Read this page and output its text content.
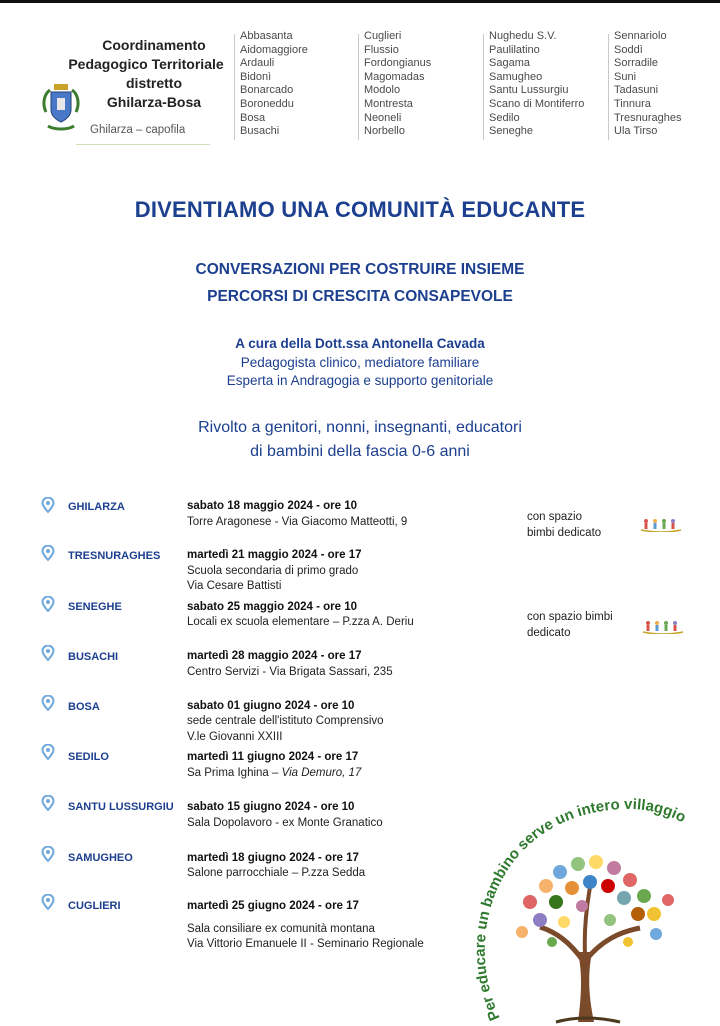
Coordinamento
Pedagogico Territoriale
distretto
Ghilarza-Bosa
Ghilarza – capofila
Abbasanta
Aidomaggiore
Ardauli
Bidonì
Bonarcado
Boroneddu
Bosa
Busachi
Cuglieri
Flussio
Fordongianus
Magomadas
Modolo
Montresta
Neoneli
Norbello
Nughedu S.V.
Paulilatino
Sagama
Samugheo
Santu Lussurgiu
Scano di Montiferro
Sedilo
Seneghe
Sennariolo
Soddì
Sorradile
Suni
Tadasuni
Tinnura
Tresnuraghes
Ula Tirso
DIVENTIAMO UNA COMUNITÀ EDUCANTE
CONVERSAZIONI PER COSTRUIRE INSIEME
PERCORSI DI CRESCITA CONSAPEVOLE
A cura della Dott.ssa Antonella Cavada
Pedagogista clinico, mediatore familiare
Esperta in Andragogia e supporto genitoriale
Rivolto a genitori, nonni, insegnanti, educatori
di bambini della fascia 0-6 anni
GHILARZA	sabato 18 maggio 2024 - ore 10
Torre Aragonese - Via Giacomo Matteotti, 9	con spazio
bimbi dedicato
TRESNURAGHES martedì 21 maggio 2024 - ore 17
Scuola secondaria di primo grado
Via Cesare Battisti
SENEGHE	sabato 25 maggio 2024 - ore 10
Locali ex scuola elementare – P.zza A. Deriu	con spazio bimbi
dedicato
BUSACHI	martedì 28 maggio 2024 - ore 17
Centro Servizi - Via Brigata Sassari, 235
BOSA	sabato 01 giugno 2024 - ore 10
sede centrale dell'istituto Comprensivo
V.le Giovanni XXIII
SEDILO	martedì 11 giugno 2024 - ore 17
Sa Prima Ighina – Via Demuro, 17
SANTU LUSSURGIU sabato 15 giugno 2024 - ore 10
Sala Dopolavoro - ex Monte Granatico
SAMUGHEO	martedì 18 giugno 2024 - ore 17
Salone parrocchiale – P.zza Sedda
CUGLIERI	martedì 25 giugno 2024 - ore 17
Sala consiliare ex comunità montana
Via Vittorio Emanuele II - Seminario Regionale
Per educare un bambino serve un intero villaggio
